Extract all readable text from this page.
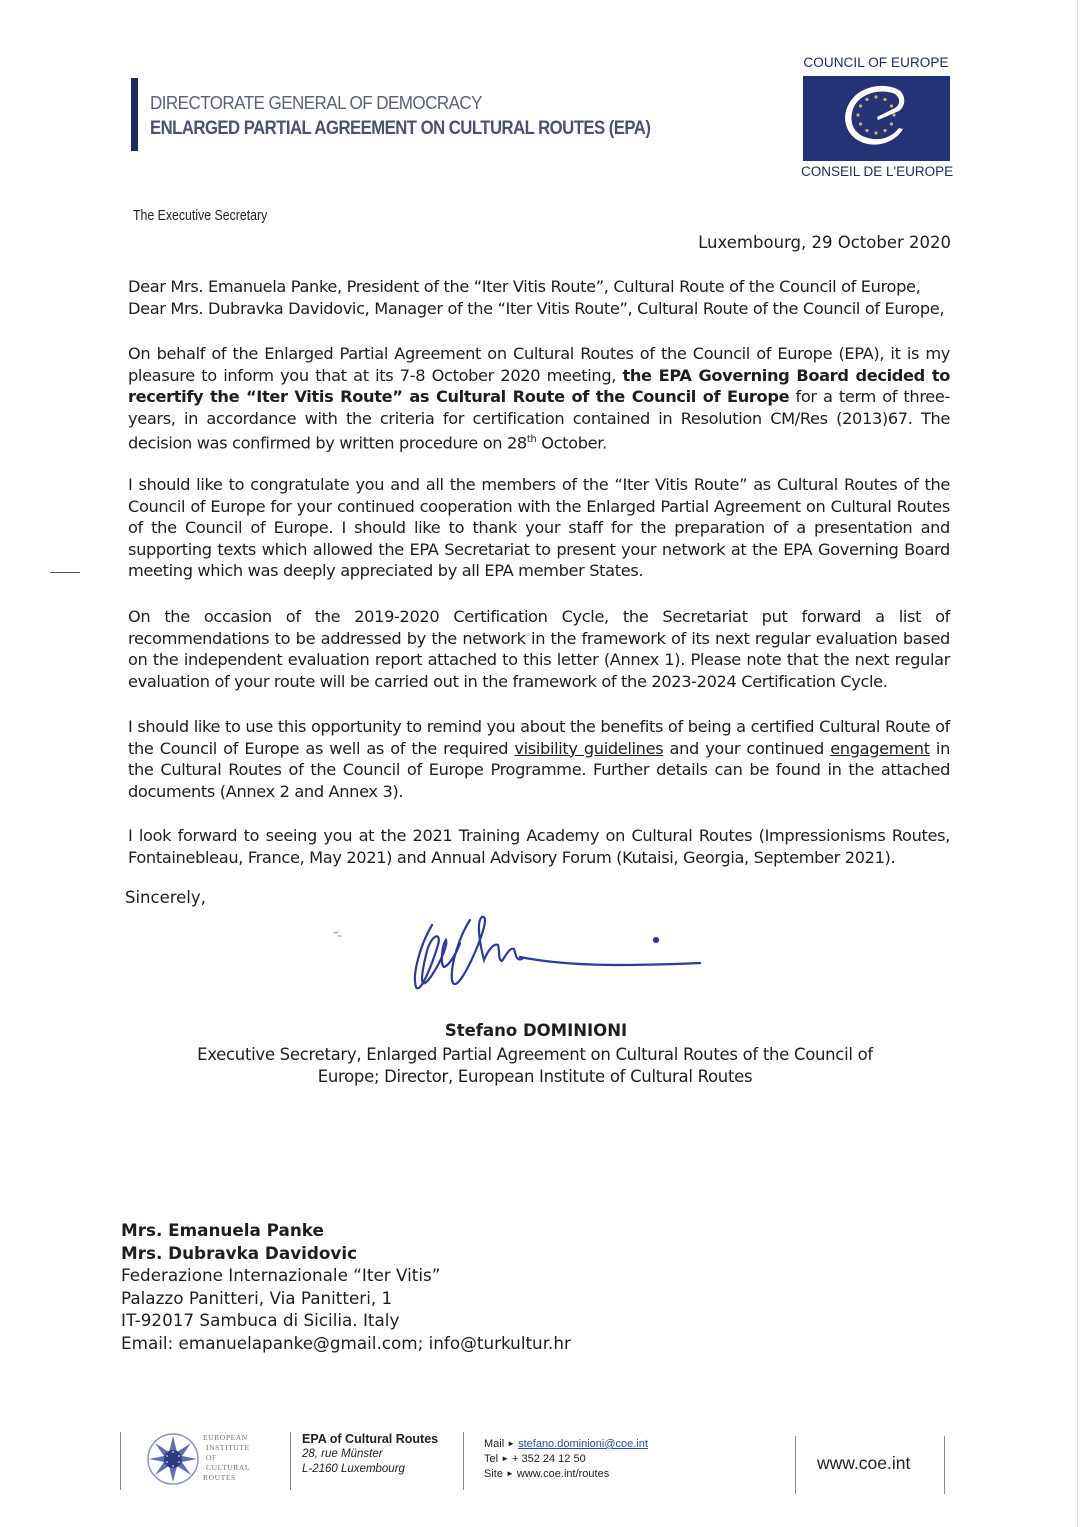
DIRECTORATE GENERAL OF DEMOCRACY
ENLARGED PARTIAL AGREEMENT ON CULTURAL ROUTES (EPA)
COUNCIL OF EUROPE
CONSEIL DE L'EUROPE
The Executive Secretary
Luxembourg, 29 October 2020
Dear Mrs. Emanuela Panke, President of the “Iter Vitis Route”, Cultural Route of the Council of Europe,
Dear Mrs. Dubravka Davidovic, Manager of the “Iter Vitis Route”, Cultural Route of the Council of Europe,
On behalf of the Enlarged Partial Agreement on Cultural Routes of the Council of Europe (EPA), it is my pleasure to inform you that at its 7-8 October 2020 meeting, the EPA Governing Board decided to recertify the “Iter Vitis Route” as Cultural Route of the Council of Europe for a term of three-years, in accordance with the criteria for certification contained in Resolution CM/Res (2013)67. The decision was confirmed by written procedure on 28th October.
I should like to congratulate you and all the members of the “Iter Vitis Route” as Cultural Routes of the Council of Europe for your continued cooperation with the Enlarged Partial Agreement on Cultural Routes of the Council of Europe. I should like to thank your staff for the preparation of a presentation and supporting texts which allowed the EPA Secretariat to present your network at the EPA Governing Board meeting which was deeply appreciated by all EPA member States.
On the occasion of the 2019-2020 Certification Cycle, the Secretariat put forward a list of recommendations to be addressed by the network in the framework of its next regular evaluation based on the independent evaluation report attached to this letter (Annex 1). Please note that the next regular evaluation of your route will be carried out in the framework of the 2023-2024 Certification Cycle.
I should like to use this opportunity to remind you about the benefits of being a certified Cultural Route of the Council of Europe as well as of the required visibility guidelines and your continued engagement in the Cultural Routes of the Council of Europe Programme. Further details can be found in the attached documents (Annex 2 and Annex 3).
I look forward to seeing you at the 2021 Training Academy on Cultural Routes (Impressionisms Routes, Fontainebleau, France, May 2021) and Annual Advisory Forum (Kutaisi, Georgia, September 2021).
Sincerely,
Stefano DOMINIONI
Executive Secretary, Enlarged Partial Agreement on Cultural Routes of the Council of
Europe; Director, European Institute of Cultural Routes
Mrs. Emanuela Panke
Mrs. Dubravka Davidovic
Federazione Internazionale “Iter Vitis”
Palazzo Panitteri, Via Panitteri, 1
IT-92017 Sambuca di Sicilia. Italy
Email: emanuelapanke@gmail.com; info@turkultur.hr
EUROPEAN
INSTITUTE
OF
CULTURAL
ROUTES
EPA of Cultural Routes
28, rue Münster
L-2160 Luxembourg
Mail ► stefano.dominioni@coe.int
Tel ► + 352 24 12 50
Site ► www.coe.int/routes
www.coe.int
